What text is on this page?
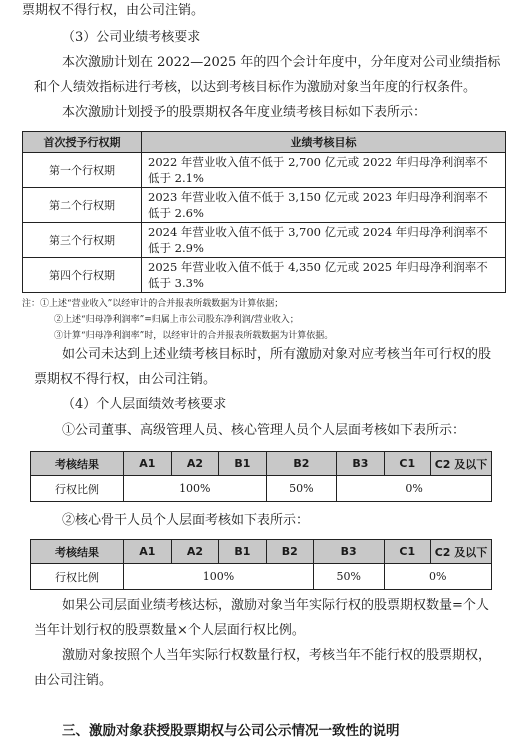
票期权不得行权，由公司注销。
（3）公司业绩考核要求
本次激励计划在 2022—2025 年的四个会计年度中，分年度对公司业绩指标
和个人绩效指标进行考核，以达到考核目标作为激励对象当年度的行权条件。
本次激励计划授予的股票期权各年度业绩考核目标如下表所示：
首次授予行权期	业绩考核目标
第一个行权期	2022 年营业收入值不低于 2,700 亿元或 2022 年归母净利润率不低于 2.1%
第二个行权期	2023 年营业收入值不低于 3,150 亿元或 2023 年归母净利润率不低于 2.6%
第三个行权期	2024 年营业收入值不低于 3,700 亿元或 2024 年归母净利润率不低于 2.9%
第四个行权期	2025 年营业收入值不低于 4,350 亿元或 2025 年归母净利润率不低于 3.3%
注：①上述“营业收入”以经审计的合并报表所载数据为计算依据；
②上述“归母净利润率”=归属上市公司股东净利润/营业收入；
③计算“归母净利润率”时，以经审计的合并报表所载数据为计算依据。
如公司未达到上述业绩考核目标时，所有激励对象对应考核当年可行权的股
票期权不得行权，由公司注销。
（4）个人层面绩效考核要求
①公司董事、高级管理人员、核心管理人员个人层面考核如下表所示：
考核结果	A1	A2	B1	B2	B3	C1	C2 及以下
行权比例	100%			50%	0%		
②核心骨干人员个人层面考核如下表所示：
考核结果	A1	A2	B1	B2	B3	C1	C2 及以下
行权比例	100%				50%	0%	
如果公司层面业绩考核达标，激励对象当年实际行权的股票期权数量=个人
当年计划行权的股票数量×个人层面行权比例。
激励对象按照个人当年实际行权数量行权，考核当年不能行权的股票期权，
由公司注销。
三、激励对象获授股票期权与公司公示情况一致性的说明
